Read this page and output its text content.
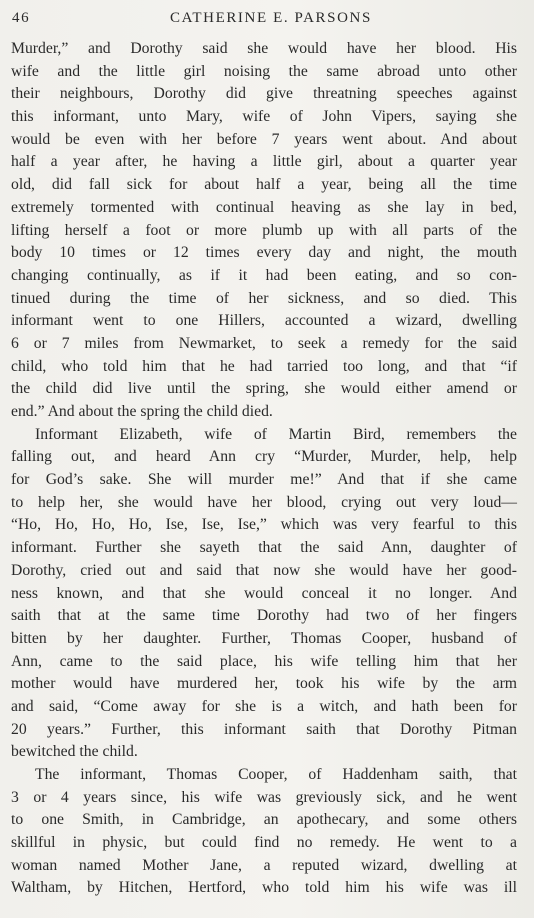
46	CATHERINE E. PARSONS
Murder,” and Dorothy said she would have her blood. His
wife and the little girl noising the same abroad unto other
their neighbours, Dorothy did give threatning speeches against
this informant, unto Mary, wife of John Vipers, saying she
would be even with her before 7 years went about. And about
half a year after, he having a little girl, about a quarter year
old, did fall sick for about half a year, being all the time
extremely tormented with continual heaving as she lay in bed,
lifting herself a foot or more plumb up with all parts of the
body 10 times or 12 times every day and night, the mouth
changing continually, as if it had been eating, and so con-
tinued during the time of her sickness, and so died. This
informant went to one Hillers, accounted a wizard, dwelling
6 or 7 miles from Newmarket, to seek a remedy for the said
child, who told him that he had tarried too long, and that “if
the child did live until the spring, she would either amend or
end.” And about the spring the child died.
Informant Elizabeth, wife of Martin Bird, remembers the
falling out, and heard Ann cry “Murder, Murder, help, help
for God’s sake. She will murder me!” And that if she came
to help her, she would have her blood, crying out very loud—
“Ho, Ho, Ho, Ho, Ise, Ise, Ise,” which was very fearful to this
informant. Further she sayeth that the said Ann, daughter of
Dorothy, cried out and said that now she would have her good-
ness known, and that she would conceal it no longer. And
saith that at the same time Dorothy had two of her fingers
bitten by her daughter. Further, Thomas Cooper, husband of
Ann, came to the said place, his wife telling him that her
mother would have murdered her, took his wife by the arm
and said, “Come away for she is a witch, and hath been for
20 years.” Further, this informant saith that Dorothy Pitman
bewitched the child.
The informant, Thomas Cooper, of Haddenham saith, that
3 or 4 years since, his wife was greviously sick, and he went
to one Smith, in Cambridge, an apothecary, and some others
skillful in physic, but could find no remedy. He went to a
woman named Mother Jane, a reputed wizard, dwelling at
Waltham, by Hitchen, Hertford, who told him his wife was ill
